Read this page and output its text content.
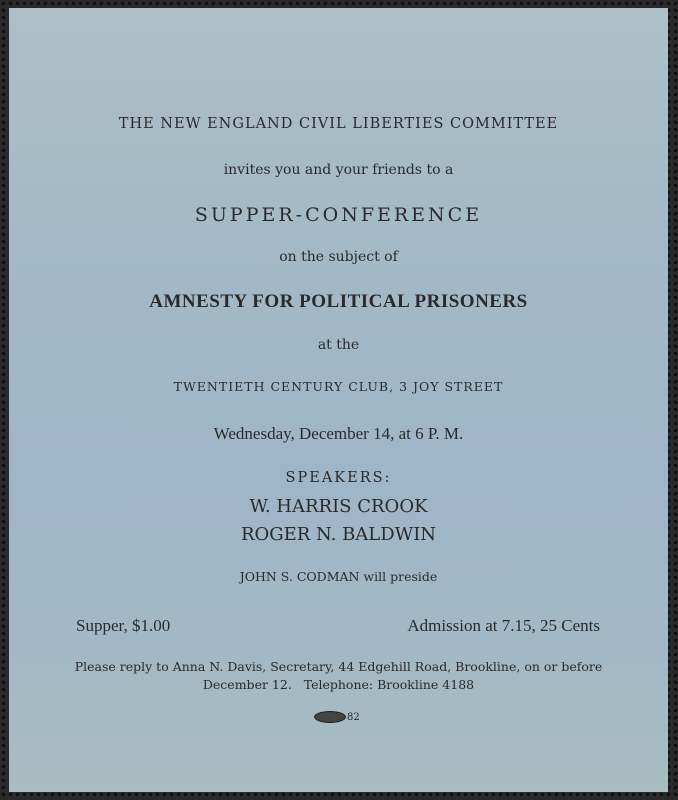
THE NEW ENGLAND CIVIL LIBERTIES COMMITTEE
invites you and your friends to a
SUPPER-CONFERENCE
on the subject of
AMNESTY FOR POLITICAL PRISONERS
at the
TWENTIETH CENTURY CLUB, 3 JOY STREET
Wednesday, December 14, at 6 P. M.
SPEAKERS:
W. HARRIS CROOK
ROGER N. BALDWIN
JOHN S. CODMAN will preside
Supper, $1.00	Admission at 7.15, 25 Cents
Please reply to Anna N. Davis, Secretary, 44 Edgehill Road, Brookline, on or before
December 12.   Telephone: Brookline 4188
82
